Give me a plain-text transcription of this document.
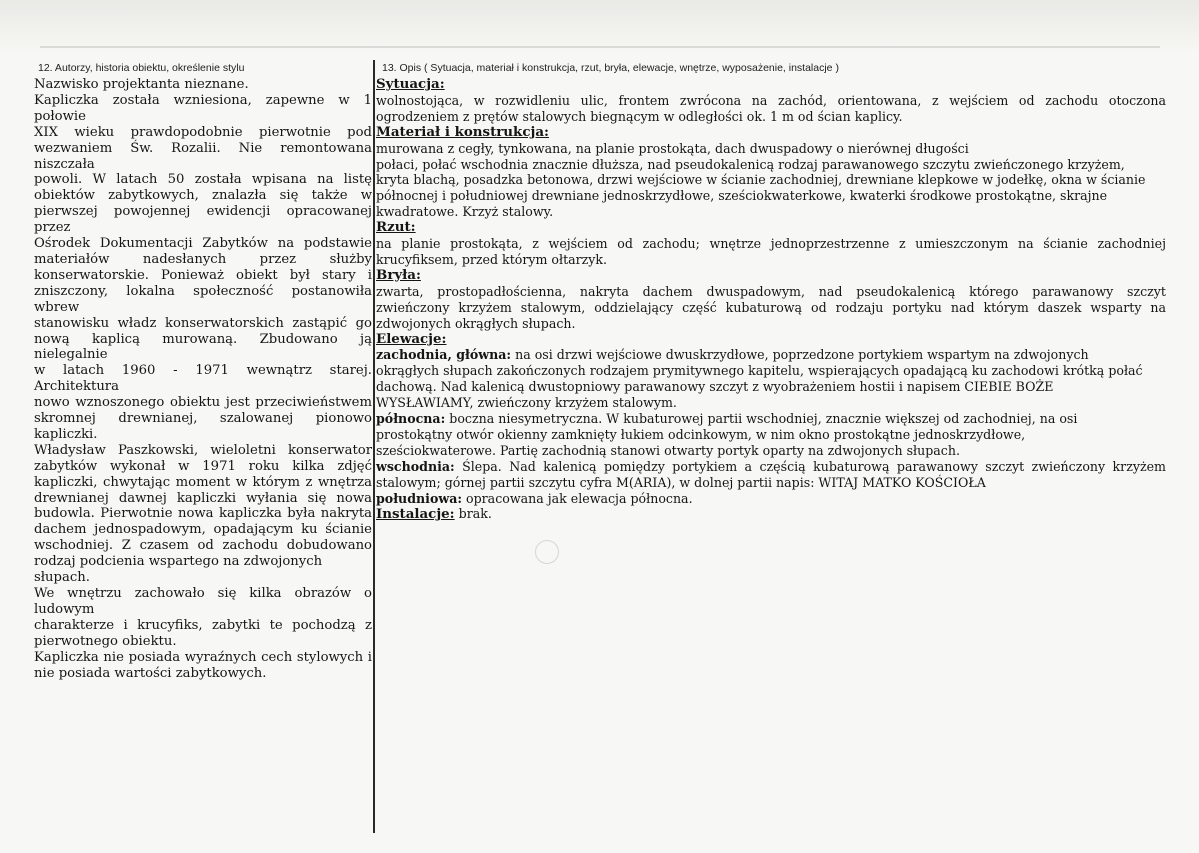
12. Autorzy, historia obiektu, określenie stylu	13. Opis ( Sytuacja, materiał i konstrukcja, rzut, bryła, elewacje, wnętrze, wyposażenie, instalacje )

Nazwisko projektanta nieznane.

Kapliczka została wzniesiona, zapewne w 1 połowie

XIX wieku prawdopodobnie pierwotnie pod

wezwaniem Św. Rozalii. Nie remontowana niszczała

powoli. W latach 50 została wpisana na listę

obiektów zabytkowych, znalazła się także w

pierwszej powojennej ewidencji opracowanej przez

Ośrodek Dokumentacji Zabytków na podstawie

materiałów nadesłanych przez służby

konserwatorskie. Ponieważ obiekt był stary i

zniszczony, lokalna społeczność postanowiła wbrew

stanowisku władz konserwatorskich zastąpić go

nową kaplicą murowaną. Zbudowano ją nielegalnie

w latach 1960 - 1971 wewnątrz starej. Architektura

nowo wznoszonego obiektu jest przeciwieństwem

skromnej drewnianej, szalowanej pionowo kapliczki.

Władysław Paszkowski, wieloletni konserwator

zabytków wykonał w 1971 roku kilka zdjęć

kapliczki, chwytając moment w którym z wnętrza

drewnianej dawnej kapliczki wyłania się nowa

budowla. Pierwotnie nowa kapliczka była nakryta

dachem jednospadowym, opadającym ku ścianie

wschodniej. Z czasem od zachodu dobudowano

rodzaj podcienia wspartego na zdwojonych słupach.

We wnętrzu zachowało się kilka obrazów o ludowym

charakterze i krucyfiks, zabytki te pochodzą z

pierwotnego obiektu.

Kapliczka nie posiada wyraźnych cech stylowych i

nie posiada wartości zabytkowych.

Sytuacja:

wolnostojąca, w rozwidleniu ulic, frontem zwrócona na zachód, orientowana, z wejściem od zachodu otoczona

ogrodzeniem z prętów stalowych biegnącym w odległości ok. 1 m od ścian kaplicy.

Materiał i konstrukcja:

murowana z cegły, tynkowana, na planie prostokąta, dach dwuspadowy o nierównej długości

połaci, połać wschodnia znacznie dłuższa, nad pseudokalenicą rodzaj parawanowego szczytu zwieńczonego krzyżem,

kryta blachą, posadzka betonowa, drzwi wejściowe w ścianie zachodniej, drewniane klepkowe w jodełkę, okna w ścianie

północnej i południowej drewniane jednoskrzydłowe, sześciokwaterkowe, kwaterki środkowe prostokątne, skrajne

kwadratowe. Krzyż stalowy.

Rzut:

na planie prostokąta, z wejściem od zachodu; wnętrze jednoprzestrzenne z umieszczonym na ścianie zachodniej

krucyfiksem, przed którym ołtarzyk.

Bryła:

zwarta, prostopadłościenna, nakryta dachem dwuspadowym, nad pseudokalenicą którego parawanowy szczyt

zwieńczony krzyżem stalowym, oddzielający część kubaturową od rodzaju portyku nad którym daszek wsparty na

zdwojonych okrągłych słupach.

Elewacje:

zachodnia, główna: na osi drzwi wejściowe dwuskrzydłowe, poprzedzone portykiem wspartym na zdwojonych

okrągłych słupach zakończonych rodzajem prymitywnego kapitelu, wspierających opadającą ku zachodowi krótką połać

dachową. Nad kalenicą dwustopniowy parawanowy szczyt z wyobrażeniem hostii i napisem CIEBIE BOŻE

WYSŁAWIAMY, zwieńczony krzyżem stalowym.

północna: boczna niesymetryczna. W kubaturowej partii wschodniej, znacznie większej od zachodniej, na osi

prostokątny otwór okienny zamknięty łukiem odcinkowym, w nim okno prostokątne jednoskrzydłowe,

sześciokwaterowe. Partię zachodnią stanowi otwarty portyk oparty na zdwojonych słupach.

wschodnia: Ślepa. Nad kalenicą pomiędzy portykiem a częścią kubaturową parawanowy szczyt zwieńczony krzyżem

stalowym; górnej partii szczytu cyfra M(ARIA), w dolnej partii napis: WITAJ MATKO KOŚCIOŁA

południowa: opracowana jak elewacja północna.

Instalacje: brak.
